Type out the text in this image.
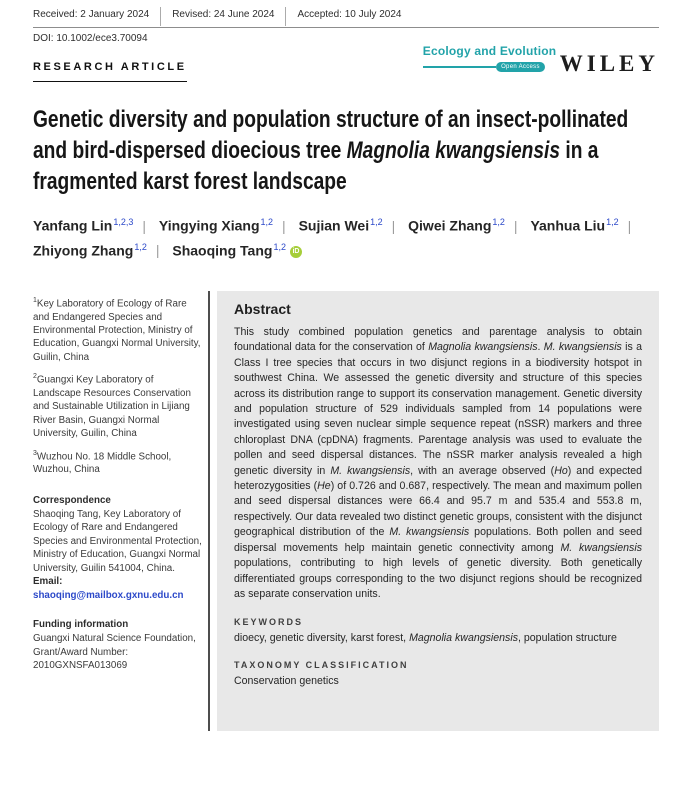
Received: 2 January 2024	Revised: 24 June 2024	Accepted: 10 July 2024
DOI: 10.1002/ece3.70094
Ecology and Evolution
Open Access WILEY
RESEARCH ARTICLE
Genetic diversity and population structure of an insect-pollinated and bird-dispersed dioecious tree Magnolia kwangsiensis in a fragmented karst forest landscape
Yanfang Lin$^{1,2,3}$ | Yingying Xiang$^{1,2}$ | Sujian Wei$^{1,2}$ | Qiwei Zhang$^{1,2}$ | Yanhua Liu$^{1,2}$ |
Zhiyong Zhang$^{1,2}$ | Shaoqing Tang$^{1,2}$ iD
$^1$Key Laboratory of Ecology of Rare and Endangered Species and Environmental Protection, Ministry of Education, Guangxi Normal University, Guilin, China
$^2$Guangxi Key Laboratory of Landscape Resources Conservation and Sustainable Utilization in Lijiang River Basin, Guangxi Normal University, Guilin, China
$^3$Wuzhou No. 18 Middle School, Wuzhou, China
Correspondence
Shaoqing Tang, Key Laboratory of Ecology of Rare and Endangered Species and Environmental Protection, Ministry of Education, Guangxi Normal University, Guilin 541004, China.
Email: shaoqing@mailbox.gxnu.edu.cn
Funding information
Guangxi Natural Science Foundation, Grant/Award Number: 2010GXNSFA013069
Abstract

This study combined population genetics and parentage analysis to obtain foundational data for the conservation of Magnolia kwangsiensis. M. kwangsiensis is a Class I tree species that occurs in two disjunct regions in a biodiversity hotspot in southwest China. We assessed the genetic diversity and structure of this species across its distribution range to support its conservation management. Genetic diversity and population structure of 529 individuals sampled from 14 populations were investigated using seven nuclear simple sequence repeat (nSSR) markers and three chloroplast DNA (cpDNA) fragments. Parentage analysis was used to evaluate the pollen and seed dispersal distances. The nSSR marker analysis revealed a high genetic diversity in M. kwangsiensis, with an average observed (Ho) and expected heterozygosities (He) of 0.726 and 0.687, respectively. The mean and maximum pollen and seed dispersal distances were 66.4 and 95.7 m and 535.4 and 553.8 m, respectively. Our data revealed two distinct genetic groups, consistent with the disjunct geographical distribution of the M. kwangsiensis populations. Both pollen and seed dispersal movements help maintain genetic connectivity among M. kwangsiensis populations, contributing to high levels of genetic diversity. Both genetically differentiated groups corresponding to the two disjunct regions should be recognized as separate conservation units.

KEYWORDS

dioecy, genetic diversity, karst forest, Magnolia kwangsiensis, population structure

TAXONOMY CLASSIFICATION

Conservation genetics
